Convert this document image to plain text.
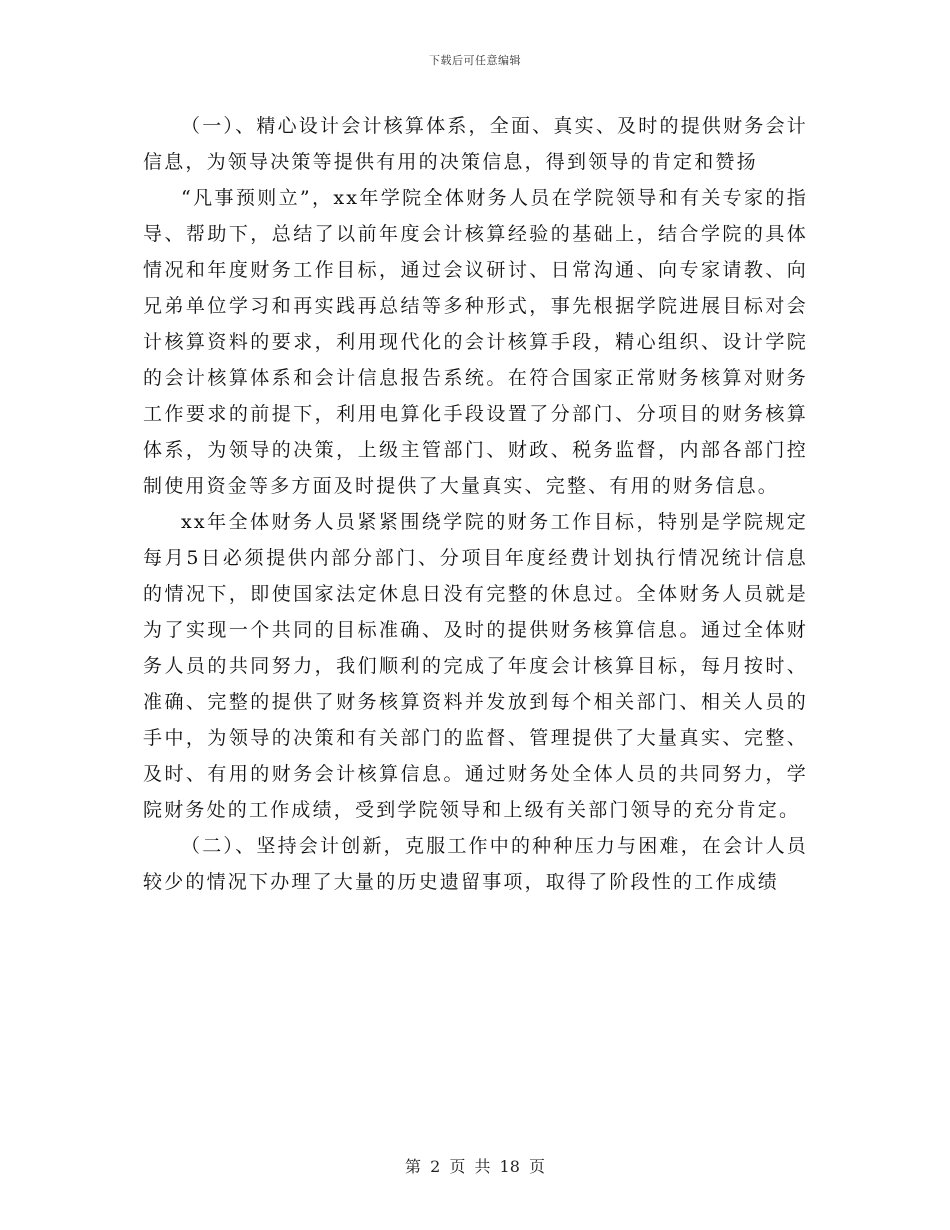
下载后可任意编辑

（一）、精心设计会计核算体系，全面、真实、及时的提供财务会计信息，为领导决策等提供有用的决策信息，得到领导的肯定和赞扬

“凡事预则立”，xx年学院全体财务人员在学院领导和有关专家的指导、帮助下，总结了以前年度会计核算经验的基础上，结合学院的具体情况和年度财务工作目标，通过会议研讨、日常沟通、向专家请教、向兄弟单位学习和再实践再总结等多种形式，事先根据学院进展目标对会计核算资料的要求，利用现代化的会计核算手段，精心组织、设计学院的会计核算体系和会计信息报告系统。在符合国家正常财务核算对财务工作要求的前提下，利用电算化手段设置了分部门、分项目的财务核算体系，为领导的决策，上级主管部门、财政、税务监督，内部各部门控制使用资金等多方面及时提供了大量真实、完整、有用的财务信息。

xx年全体财务人员紧紧围绕学院的财务工作目标，特别是学院规定每月5日必须提供内部分部门、分项目年度经费计划执行情况统计信息的情况下，即使国家法定休息日没有完整的休息过。全体财务人员就是为了实现一个共同的目标准确、及时的提供财务核算信息。通过全体财务人员的共同努力，我们顺利的完成了年度会计核算目标，每月按时、准确、完整的提供了财务核算资料并发放到每个相关部门、相关人员的手中，为领导的决策和有关部门的监督、管理提供了大量真实、完整、及时、有用的财务会计核算信息。通过财务处全体人员的共同努力，学院财务处的工作成绩，受到学院领导和上级有关部门领导的充分肯定。

（二）、坚持会计创新，克服工作中的种种压力与困难，在会计人员较少的情况下办理了大量的历史遗留事项，取得了阶段性的工作成绩

第 2 页 共 18 页
